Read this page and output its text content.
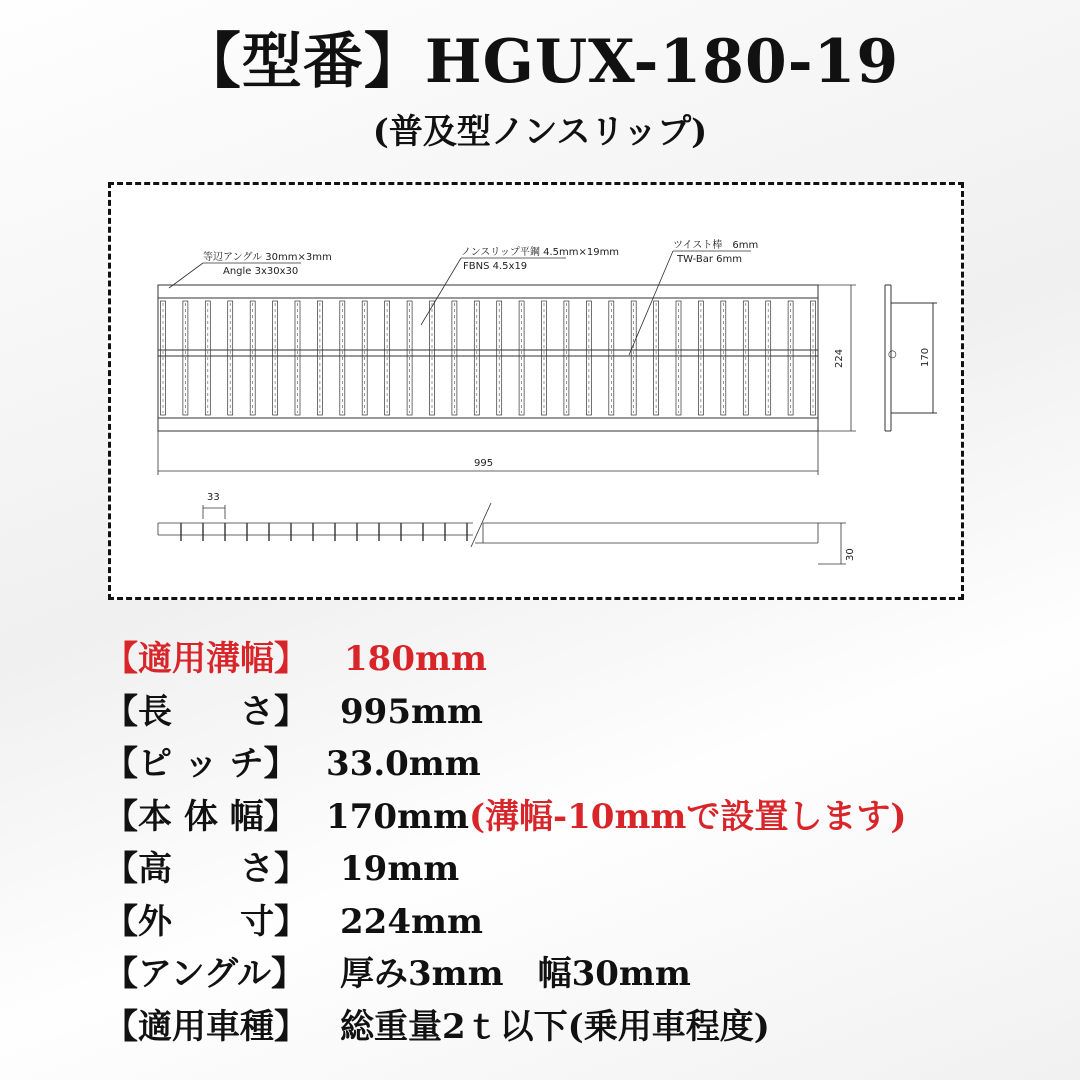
【型番】HGUX-180-19
(普及型ノンスリップ)
等辺アングル 30mm×3mm
Angle 3x30x30
ノンスリップ平鋼 4.5mm×19mm
FBNS 4.5x19
ツイスト棒　6mm
TW-Bar 6mm
224
995
○ 170
33
30
【適用溝幅】 180mm
【長　　さ】 995mm
【ピ ッ チ】 33.0mm
【本 体 幅】 170mm(溝幅-10mmで設置します)
【高　　さ】 19mm
【外　　寸】 224mm
【アングル】 厚み3mm　幅30mm
【適用車種】 総重量2ｔ以下(乗用車程度)
